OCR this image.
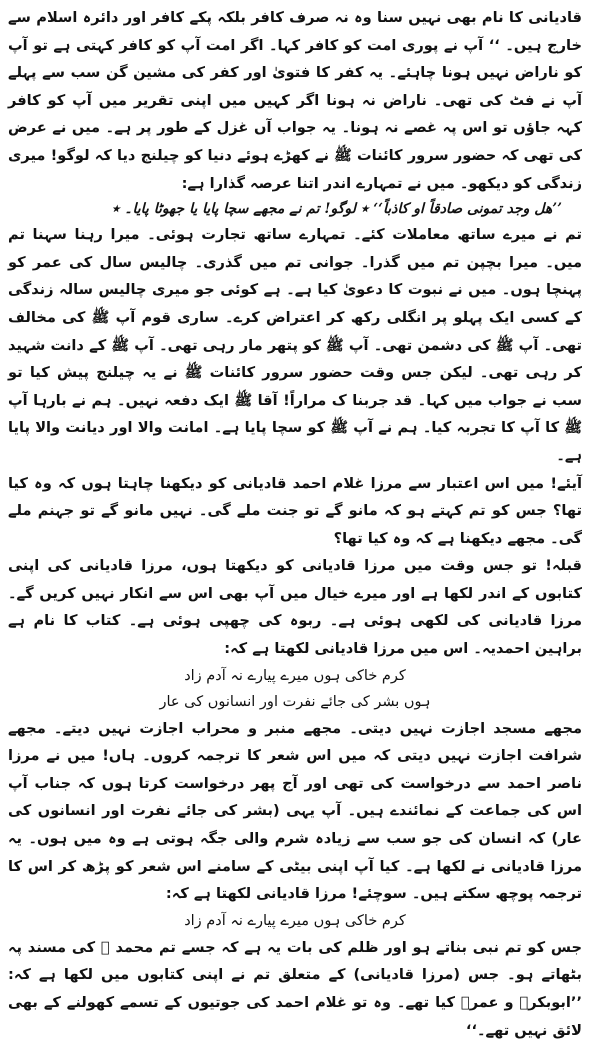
قادیانی کا نام بھی نہیں سنا وہ نہ صرف کافر بلکہ پکے کافر اور دائرہ اسلام سے خارج ہیں۔ ‘‘ آپ نے پوری امت کو کافر کہا۔ اگر امت آپ کو کافر کہتی ہے تو آپ کو ناراض نہیں ہونا چاہئے۔ یہ کفر کا فتویٰ اور کفر کی مشین گن سب سے پہلے آپ نے فٹ کی تھی۔ ناراض نہ ہونا اگر کہیں میں اپنی تقریر میں آپ کو کافر کہہ جاؤں تو اس پہ غصے نہ ہونا۔ یہ جواب آں غزل کے طور پر ہے۔ میں نے عرض کی تھی کہ حضور سرور کائنات ﷺ نے کھڑے ہوئے دنیا کو چیلنج دیا کہ لوگو! میری زندگی کو دیکھو۔ میں نے تمہارے اندر اتنا عرصہ گذارا ہے:

’’ھل وجد تمونی صادقاً او کاذباً‘‘ ٭ لوگو! تم نے مجھے سچا پایا یا جھوٹا پایا۔ ٭

تم نے میرے ساتھ معاملات کئے۔ تمہارے ساتھ تجارت ہوئی۔ میرا رہنا سہنا تم میں۔ میرا بچپن تم میں گذرا۔ جوانی تم میں گذری۔ چالیس سال کی عمر کو پہنچا ہوں۔ میں نے نبوت کا دعویٰ کیا ہے۔ ہے کوئی جو میری چالیس سالہ زندگی کے کسی ایک پہلو پر انگلی رکھ کر اعتراض کرے۔ ساری قوم آپ ﷺ کی مخالف تھی۔ آپ ﷺ کی دشمن تھی۔ آپ ﷺ کو پتھر مار رہی تھی۔ آپ ﷺ کے دانت شہید کر رہی تھی۔ لیکن جس وقت حضور سرور کائنات ﷺ نے یہ چیلنج پیش کیا تو سب نے جواب میں کہا۔ قد جربنا ک مراراً! آقا ﷺ ایک دفعہ نہیں۔ ہم نے بارہا آپ ﷺ کا آپ کا تجربہ کیا۔ ہم نے آپ ﷺ کو سچا پایا ہے۔ امانت والا اور دیانت والا پایا ہے۔

آیئے! میں اس اعتبار سے مرزا غلام احمد قادیانی کو دیکھنا چاہتا ہوں کہ وہ کیا تھا؟ جس کو تم کہتے ہو کہ مانو گے تو جنت ملے گی۔ نہیں مانو گے تو جہنم ملے گی۔ مجھے دیکھنا ہے کہ وہ کیا تھا؟

قبلہ! تو جس وقت میں مرزا قادیانی کو دیکھتا ہوں، مرزا قادیانی کی اپنی کتابوں کے اندر لکھا ہے اور میرے خیال میں آپ بھی اس سے انکار نہیں کریں گے۔ مرزا قادیانی کی لکھی ہوئی ہے۔ ربوہ کی چھپی ہوئی ہے۔ کتاب کا نام ہے براہین احمدیہ۔ اس میں مرزا قادیانی لکھتا ہے کہ:

کرم خاکی ہوں میرے پیارے نہ آدم زاد

ہوں بشر کی جائے نفرت اور انسانوں کی عار

مجھے مسجد اجازت نہیں دیتی۔ مجھے منبر و محراب اجازت نہیں دیتے۔ مجھے شرافت اجازت نہیں دیتی کہ میں اس شعر کا ترجمہ کروں۔ ہاں! میں نے مرزا ناصر احمد سے درخواست کی تھی اور آج پھر درخواست کرتا ہوں کہ جناب آپ اس کی جماعت کے نمائندے ہیں۔ آپ یہی (بشر کی جائے نفرت اور انسانوں کی عار) کہ انسان کی جو سب سے زیادہ شرم والی جگہ ہوتی ہے وہ میں ہوں۔ یہ مرزا قادیانی نے لکھا ہے۔ کیا آپ اپنی بیٹی کے سامنے اس شعر کو پڑھ کر اس کا ترجمہ پوچھ سکتے ہیں۔ سوچئے! مرزا قادیانی لکھتا ہے کہ:

کرم خاکی ہوں میرے پیارے نہ آدم زاد

جس کو تم نبی بناتے ہو اور ظلم کی بات یہ ہے کہ جسے تم محمد ﷺ کی مسند پہ بٹھاتے ہو۔ جس (مرزا قادیانی) کے متعلق تم نے اپنی کتابوں میں لکھا ہے کہ: ’’ابوبکرؓ و عمرؓ کیا تھے۔ وہ تو غلام احمد کی جوتیوں کے تسمے کھولنے کے بھی لائق نہیں تھے۔‘‘
